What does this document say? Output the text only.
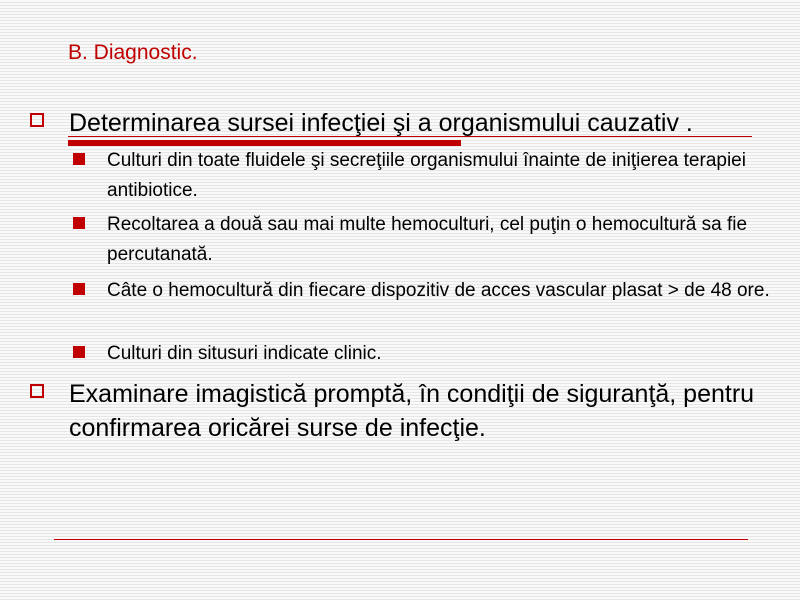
B. Diagnostic.
Determinarea sursei infecţiei şi a organismului cauzativ .
Culturi din toate fluidele şi secreţiile organismului înainte de iniţierea terapiei antibiotice.
Recoltarea a două sau mai multe hemoculturi, cel puţin o hemocultură sa fie percutanată.
Câte o hemocultură din fiecare dispozitiv de acces vascular plasat > de 48 ore.
Culturi din situsuri indicate clinic.
Examinare imagistică promptă, în condiţii de siguranţă, pentru confirmarea oricărei surse de infecţie.
